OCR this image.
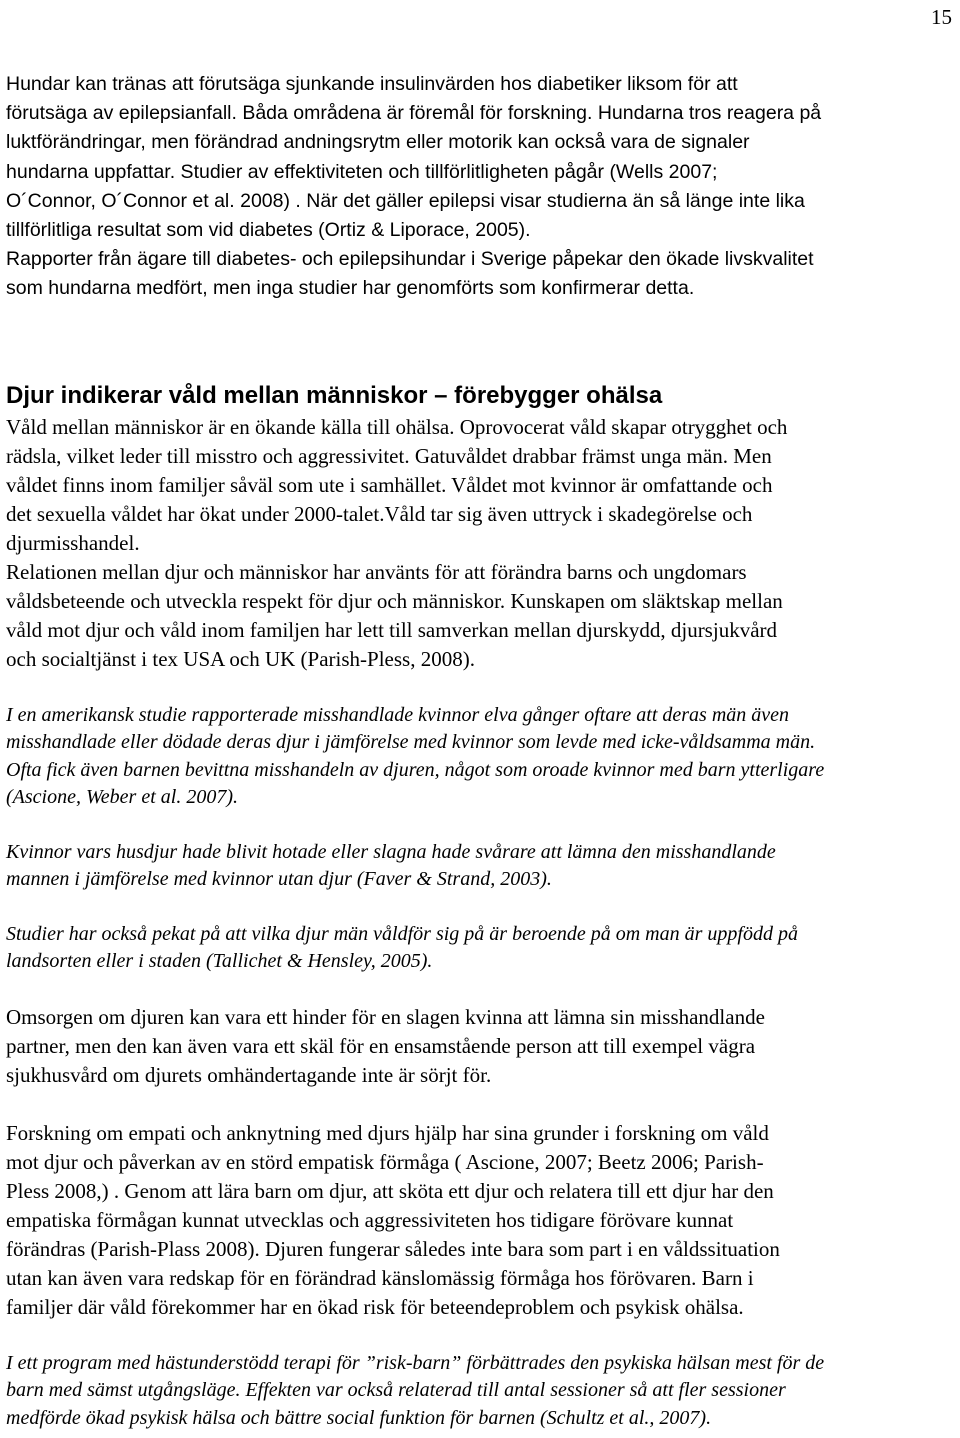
15
Hundar kan tränas att förutsäga sjunkande insulinvärden hos diabetiker liksom för att
förutsäga av epilepsianfall. Båda områdena är föremål för forskning. Hundarna tros reagera på
luktförändringar, men förändrad andningsrytm eller motorik kan också vara de signaler
hundarna uppfattar. Studier av effektiviteten och tillförlitligheten pågår (Wells 2007;
O´Connor, O´Connor et al. 2008) . När det gäller epilepsi visar studierna än så länge inte lika
tillförlitliga resultat som vid diabetes (Ortiz & Liporace, 2005).
Rapporter från ägare till diabetes- och epilepsihundar i Sverige påpekar den ökade livskvalitet
som hundarna medfört, men inga studier har genomförts som konfirmerar detta.
Djur indikerar våld mellan människor – förebygger ohälsa
Våld mellan människor är en ökande källa till ohälsa. Oprovocerat våld skapar otrygghet och
rädsla, vilket leder till misstro och aggressivitet. Gatuvåldet drabbar främst unga män. Men
våldet finns inom familjer såväl som ute i samhället. Våldet mot kvinnor är omfattande och
det sexuella våldet har ökat under 2000-talet.Våld tar sig även uttryck i skadegörelse och
djurmisshandel.
Relationen mellan djur och människor har använts för att förändra barns och ungdomars
våldsbeteende och utveckla respekt för djur och människor. Kunskapen om släktskap mellan
våld mot djur och våld inom familjen har lett till samverkan mellan djurskydd, djursjukvård
och socialtjänst i tex USA och UK (Parish-Pless, 2008).
I en amerikansk studie rapporterade misshandlade kvinnor elva gånger oftare att deras män även
misshandlade eller dödade deras djur i jämförelse med kvinnor som levde med icke-våldsamma män.
Ofta fick även barnen bevittna misshandeln av djuren, något som oroade kvinnor med barn ytterligare
(Ascione, Weber et al. 2007).
Kvinnor vars husdjur hade blivit hotade eller slagna hade svårare att lämna den misshandlande
mannen i jämförelse med kvinnor utan djur (Faver & Strand, 2003).
Studier har också pekat på att vilka djur män våldför sig på är beroende på om man är uppfödd på
landsorten eller i staden (Tallichet & Hensley, 2005).
Omsorgen om djuren kan vara ett hinder för en slagen kvinna att lämna sin misshandlande
partner, men den kan även vara ett skäl för en ensamstående person att till exempel vägra
sjukhusvård om djurets omhändertagande inte är sörjt för.
Forskning om empati och anknytning med djurs hjälp har sina grunder i forskning om våld
mot djur och påverkan av en störd empatisk förmåga ( Ascione, 2007; Beetz 2006; Parish-
Pless 2008,) . Genom att lära barn om djur, att sköta ett djur och relatera till ett djur har den
empatiska förmågan kunnat utvecklas och aggressiviteten hos tidigare förövare kunnat
förändras (Parish-Plass 2008). Djuren fungerar således inte bara som part i en våldssituation
utan kan även vara redskap för en förändrad känslomässig förmåga hos förövaren. Barn i
familjer där våld förekommer har en ökad risk för beteendeproblem och psykisk ohälsa.
I ett program med hästunderstödd terapi för ”risk-barn” förbättrades den psykiska hälsan mest för de
barn med sämst utgångsläge. Effekten var också relaterad till antal sessioner så att fler sessioner
medförde ökad psykisk hälsa och bättre social funktion för barnen (Schultz et al., 2007).
